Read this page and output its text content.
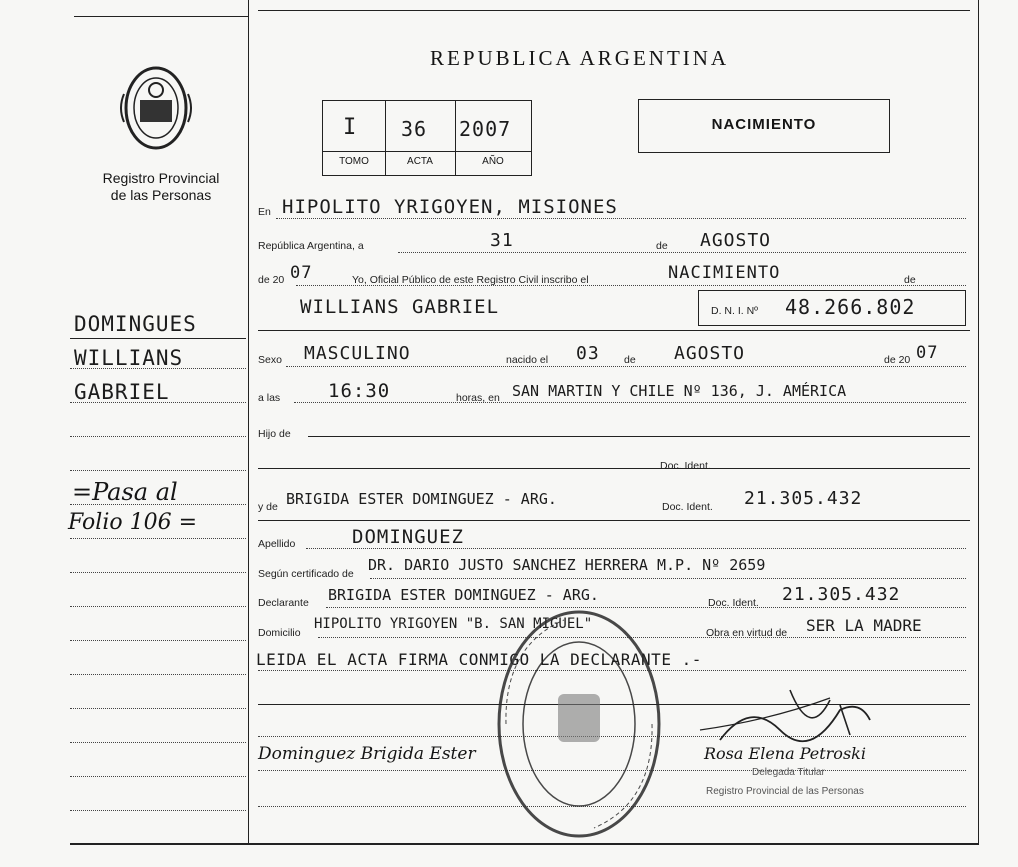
REPUBLICA ARGENTINA
NACIMIENTO
I 36 2007
TOMO	ACTA	AÑO
Registro Provincial
de las Personas
DOMINGUES
WILLIANS
GABRIEL
=Pasa al
Folio 106 =
En HIPOLITO YRIGOYEN, MISIONES
República Argentina, a	31	de AGOSTO
de 20 07	Yo, Oficial Público de este Registro Civil inscribo el	NACIMIENTO	de
WILLIANS GABRIEL	D. N. I. Nº 48.266.802
Sexo MASCULINO	nacido el 03 de AGOSTO	de 20 07
a las	16:30	horas, en SAN MARTIN Y CHILE Nº 136, J. AMÉRICA
Hijo de
Doc. Ident.
y de BRIGIDA ESTER DOMINGUEZ - ARG.	Doc. Ident. 21.305.432
Apellido	DOMINGUEZ
Según certificado de DR. DARIO JUSTO SANCHEZ HERRERA M.P. Nº 2659
Declarante BRIGIDA ESTER DOMINGUEZ - ARG.	Doc. Ident. 21.305.432
Domicilio
HIPOLITO YRIGOYEN "B. SAN MIGUEL"
Obra en virtud de SER LA MADRE
LEIDA EL ACTA FIRMA CONMIGO LA DECLARANTE .-
Dominguez Brigida Ester	Rosa Elena Petroski
Delegada Titular
Registro Provincial de las Personas
